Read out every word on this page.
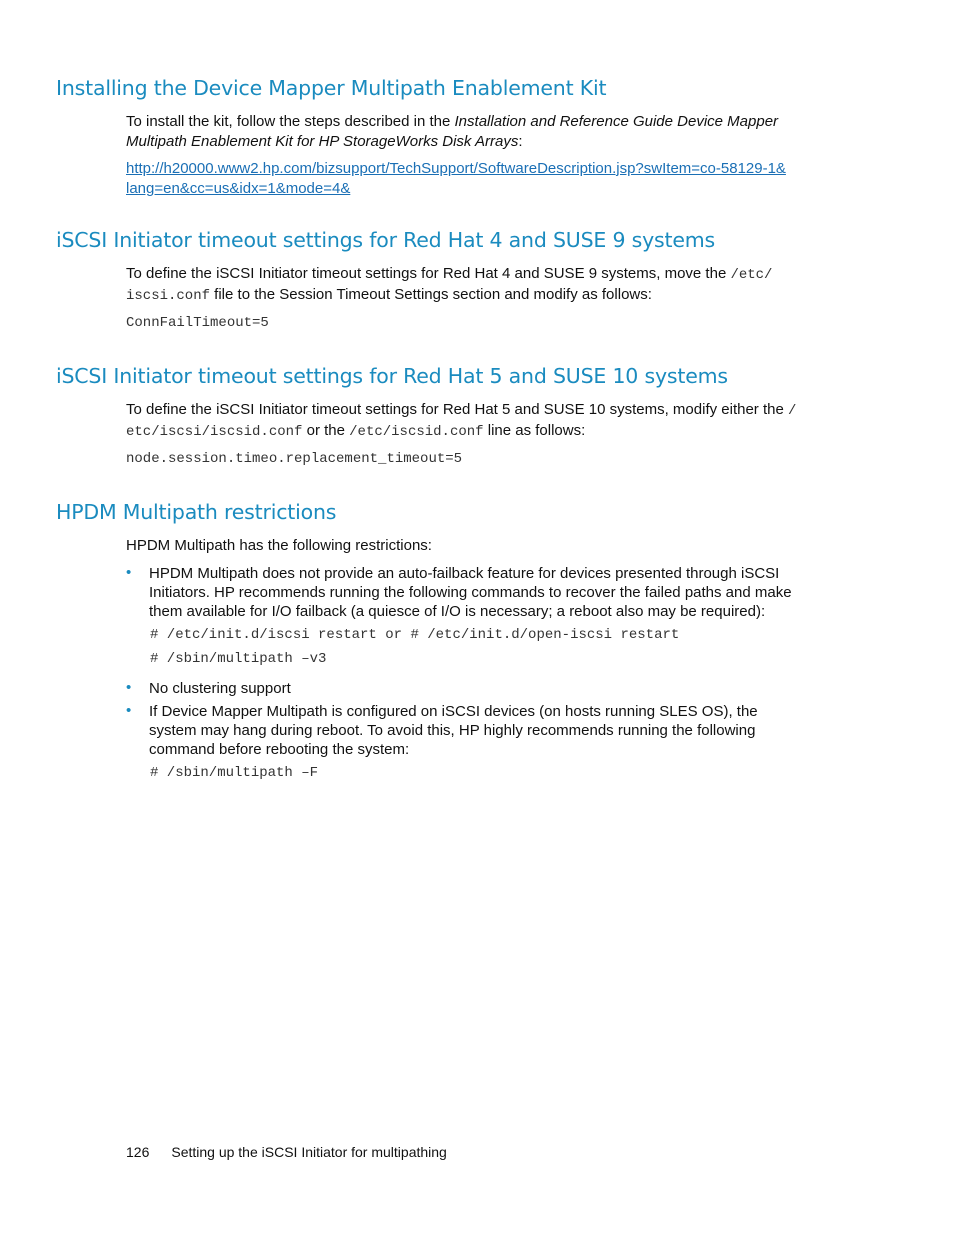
Installing the Device Mapper Multipath Enablement Kit

To install the kit, follow the steps described in the Installation and Reference Guide Device Mapper Multipath Enablement Kit for HP StorageWorks Disk Arrays:

http://h20000.www2.hp.com/bizsupport/TechSupport/SoftwareDescription.jsp?swItem=co-58129-1&
lang=en&cc=us&idx=1&mode=4&

iSCSI Initiator timeout settings for Red Hat 4 and SUSE 9 systems

To define the iSCSI Initiator timeout settings for Red Hat 4 and SUSE 9 systems, move the /etc/
iscsi.conf file to the Session Timeout Settings section and modify as follows:

ConnFailTimeout=5
iSCSI Initiator timeout settings for Red Hat 5 and SUSE 10 systems

To define the iSCSI Initiator timeout settings for Red Hat 5 and SUSE 10 systems, modify either the /
etc/iscsi/iscsid.conf or the /etc/iscsid.conf line as follows:

node.session.timeo.replacement_timeout=5
HPDM Multipath restrictions

HPDM Multipath has the following restrictions:

• HPDM Multipath does not provide an auto-failback feature for devices presented through iSCSI Initiators. HP recommends running the following commands to recover the failed paths and make them available for I/O failback (a quiesce of I/O is necessary; a reboot also may be required):

# /etc/init.d/iscsi restart or # /etc/init.d/open-iscsi restart
# /sbin/multipath –v3
• No clustering support

• If Device Mapper Multipath is configured on iSCSI devices (on hosts running SLES OS), the system may hang during reboot. To avoid this, HP highly recommends running the following command before rebooting the system:

# /sbin/multipath –F
126 Setting up the iSCSI Initiator for multipathing
